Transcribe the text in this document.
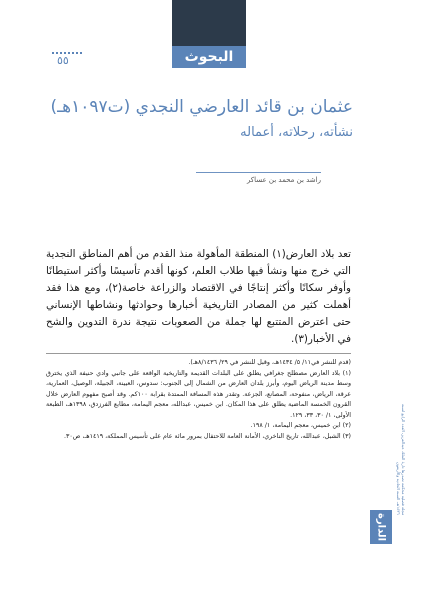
البحوث
٥٥
عثمان بن قائد العارضي النجدي (ت١٠٩٧هـ)
نشأته، رحلاته، أعماله
راشد بن محمد بن عساكر
تعد بلاد العارض(١) المنطقة المأهولة منذ القدم من أهم المناطق النجدية التي خرج منها ونشأ فيها طلاب العلم، كونها أقدم تأسيسًا وأكثر استيطانًا وأوفر سكانًا وأكثر إنتاجًا في الاقتصاد والزراعة خاصة(٢)، ومع هذا فقد أهملت كثير من المصادر التاريخية أخبارها وحوادثها ونشاطها الإنساني حتى اعترض المتتبع لها جملة من الصعوبات نتيجة ندرة التدوين والشح في الأخبار(٣).

(قدم للنشر في١١/ ٥/ ١٤٣٤هـ، وقبل للنشر في ٢٩/ ٨/١٤٣٦هـ).

(١) بلاد العارض مصطلح جغرافي يطلق على البلدات القديمة والتاريخية الواقعة على جانبي وادي حنيفة الذي يخترق وسط مدينة الرياض اليوم، وأبرز بلدان العارض من الشمال إلى الجنوب: سدوس، العيينة، الجبيلة، الوصيل، العمارية، عرقة، الرياض، منفوحة، المصانع، الجزعة. وتقدر هذه المسافة الممتدة بقرابة ١٠٠كم. وقد أصبح مفهوم العارض خلال القرون الخمسة الماضية يطلق على هذا المكان. ابن خميس، عبدالله، معجم اليمامة، مطابع الفرزدق، ١٣٩٨هـ، الطبعة الأولى، ١/ ٣٠، ٣٣، ١٢٩.

(٢) ابن خميس، معجم اليمامة، ١/ ١٩٨.

(٣) الشبل، عبدالله، تاريخ الناخري، الأمانة العامة للاحتفال بمرور مائة عام على تأسيس المملكة، ١٤١٩هـ، ص٣٠.	مجلة فصلية محكمة تصدرها دارة الملك عبدالعزيز، العدد الرابع لسنة ١٤٣٦هـ، السنة الحادية والأربعون
الدارة
